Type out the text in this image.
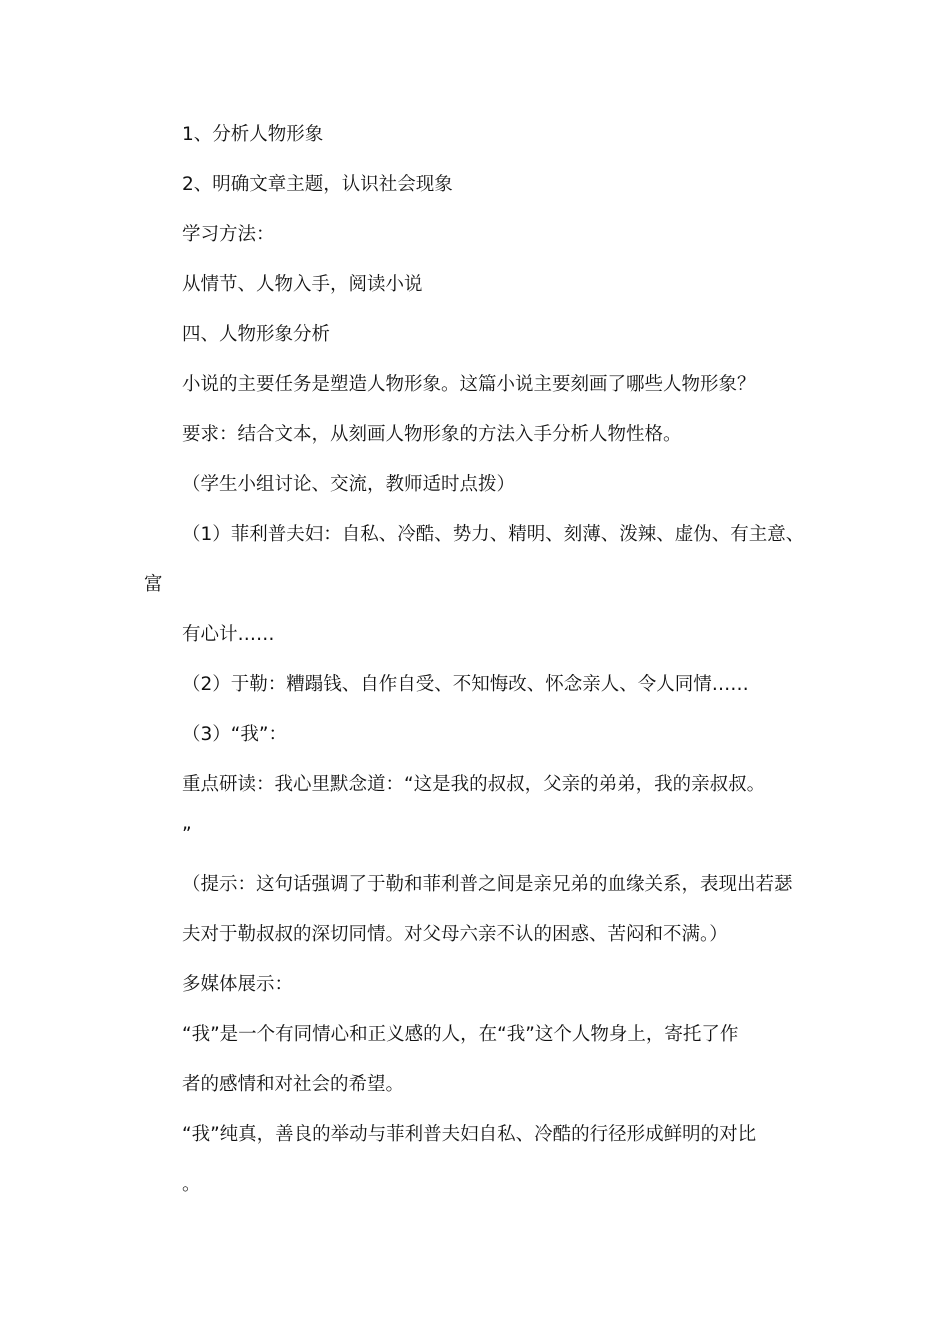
1、分析人物形象
2、明确文章主题，认识社会现象
学习方法：
从情节、人物入手，阅读小说
四、人物形象分析
小说的主要任务是塑造人物形象。这篇小说主要刻画了哪些人物形象？
要求：结合文本，从刻画人物形象的方法入手分析人物性格。
（学生小组讨论、交流，教师适时点拨）
（1）菲利普夫妇：自私、冷酷、势力、精明、刻薄、泼辣、虚伪、有主意、
富
有心计……
（2）于勒：糟蹋钱、自作自受、不知悔改、怀念亲人、令人同情……
（3）“我”：
重点研读：我心里默念道：“这是我的叔叔，父亲的弟弟，我的亲叔叔。
”
（提示：这句话强调了于勒和菲利普之间是亲兄弟的血缘关系，表现出若瑟
夫对于勒叔叔的深切同情。对父母六亲不认的困惑、苦闷和不满。）
多媒体展示：
“我”是一个有同情心和正义感的人，在“我”这个人物身上，寄托了作
者的感情和对社会的希望。
“我”纯真，善良的举动与菲利普夫妇自私、冷酷的行径形成鲜明的对比
。
